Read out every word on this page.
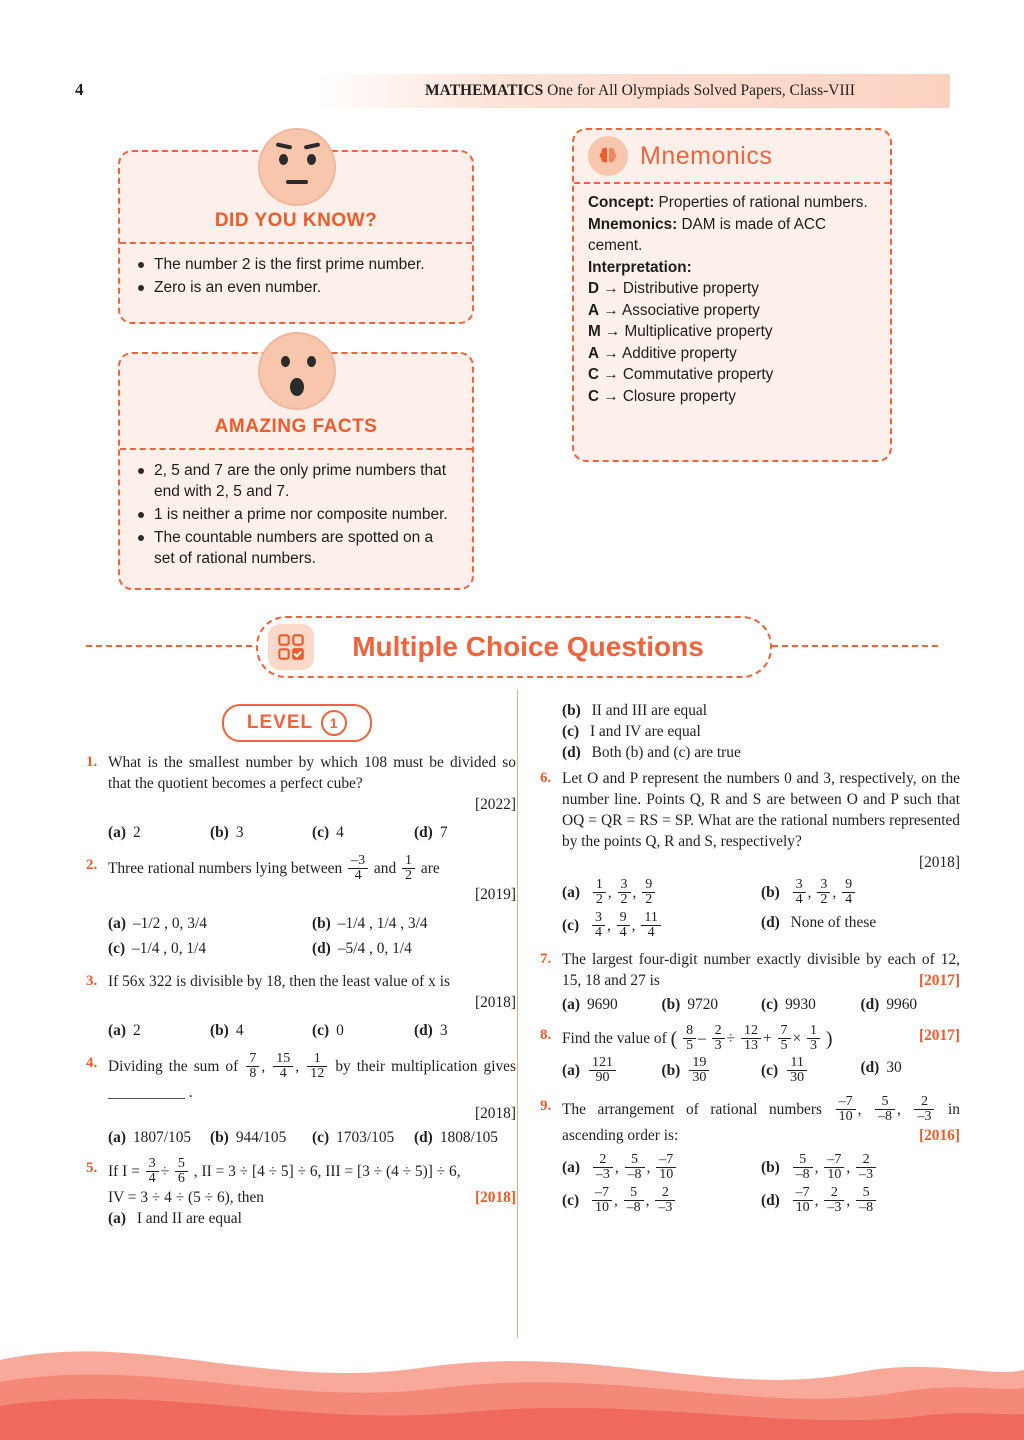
4	MATHEMATICS One for All Olympiads Solved Papers, Class-VIII
DID YOU KNOW?
The number 2 is the first prime number.
Zero is an even number.
AMAZING FACTS
2, 5 and 7 are the only prime numbers that end with 2, 5 and 7.
1 is neither a prime nor composite number.
The countable numbers are spotted on a set of rational numbers.
Mnemonics
Concept: Properties of rational numbers.
Mnemonics: DAM is made of ACC cement.
Interpretation:
D → Distributive property
A → Associative property
M → Multiplicative property
A → Additive property
C → Commutative property
C → Closure property
Multiple Choice Questions
LEVEL	1
1. What is the smallest number by which 108 must be divided so that the quotient becomes a perfect cube?
[2022]
(a) 2	(b) 3	(c) 4	(d) 7
2. Three rational numbers lying between $\frac{-3}{4}$ and $\frac{1}{2}$ are
[2019]
(a) –1/2 , 0, 3/4	(b) –1/4 , 1/4 , 3/4
(c) –1/4 , 0, 1/4	(d) –5/4 , 0, 1/4
3. If 56x 322 is divisible by 18, then the least value of x is
[2018]
(a) 2	(b) 4	(c) 0	(d) 3
4. Dividing the sum of $\frac{7}{8}$ , $\frac{15}{4}$ , $\frac{1}{12}$ by their multiplication gives __________ .
[2018]
(a) 1807/105	(b) 944/105	(c) 1703/105	(d) 1808/105
5. If $I = \frac{3}{4} \div \frac{5}{6}$ , II = 3 ÷ [4 ÷ 5] ÷ 6, III = [3 ÷ (4 ÷ 5)] ÷ 6,
IV = 3 ÷ 4 ÷ (5 ÷ 6), then	[2018]
(a) I and II are equal
(b) II and III are equal
(c) I and IV are equal
(d) Both (b) and (c) are true
6. Let O and P represent the numbers 0 and 3, respectively, on the number line. Points Q, R and S are between O and P such that OQ = QR = RS = SP. What are the rational numbers represented by the points Q, R and S, respectively?
[2018]
$(a) \frac{1}{2}$ , $\frac{3}{2}$ , $\frac{9}{2}$	$(b) \frac{3}{4}$ , $\frac{3}{2}$ , $\frac{9}{4}$
$(c) \frac{3}{4}$ , $\frac{9}{4}$ , $\frac{11}{4}$	(d) None of these
7. The largest four-digit number exactly divisible by each of 12, 15, 18 and 27 is	[2017]
(a) 9690	(b) 9720	(c) 9930	(d) 9960
8. Find the value of ( $\frac{8}{5} - \frac{2}{3} \div \frac{12}{13} + \frac{7}{5} \times \frac{1}{3}$ )	[2017]
$(a) \frac{121}{90}$	$(b) \frac{19}{30}$	$(c) \frac{11}{30}$	(d) 30
9. The arrangement of rational numbers $\frac{-7}{10}$ , $\frac{5}{-8}$ , $\frac{2}{-3}$ in ascending order is:	[2016]
$(a) \frac{2}{-3}$ , $\frac{5}{-8}$ , $\frac{-7}{10}$	$(b) \frac{5}{-8}$ , $\frac{-7}{10}$ , $\frac{2}{-3}$
$(c) \frac{-7}{10}$ , $\frac{5}{-8}$ , $\frac{2}{-3}$	$(d) \frac{-7}{10}$ , $\frac{2}{-3}$ , $\frac{5}{-8}$
